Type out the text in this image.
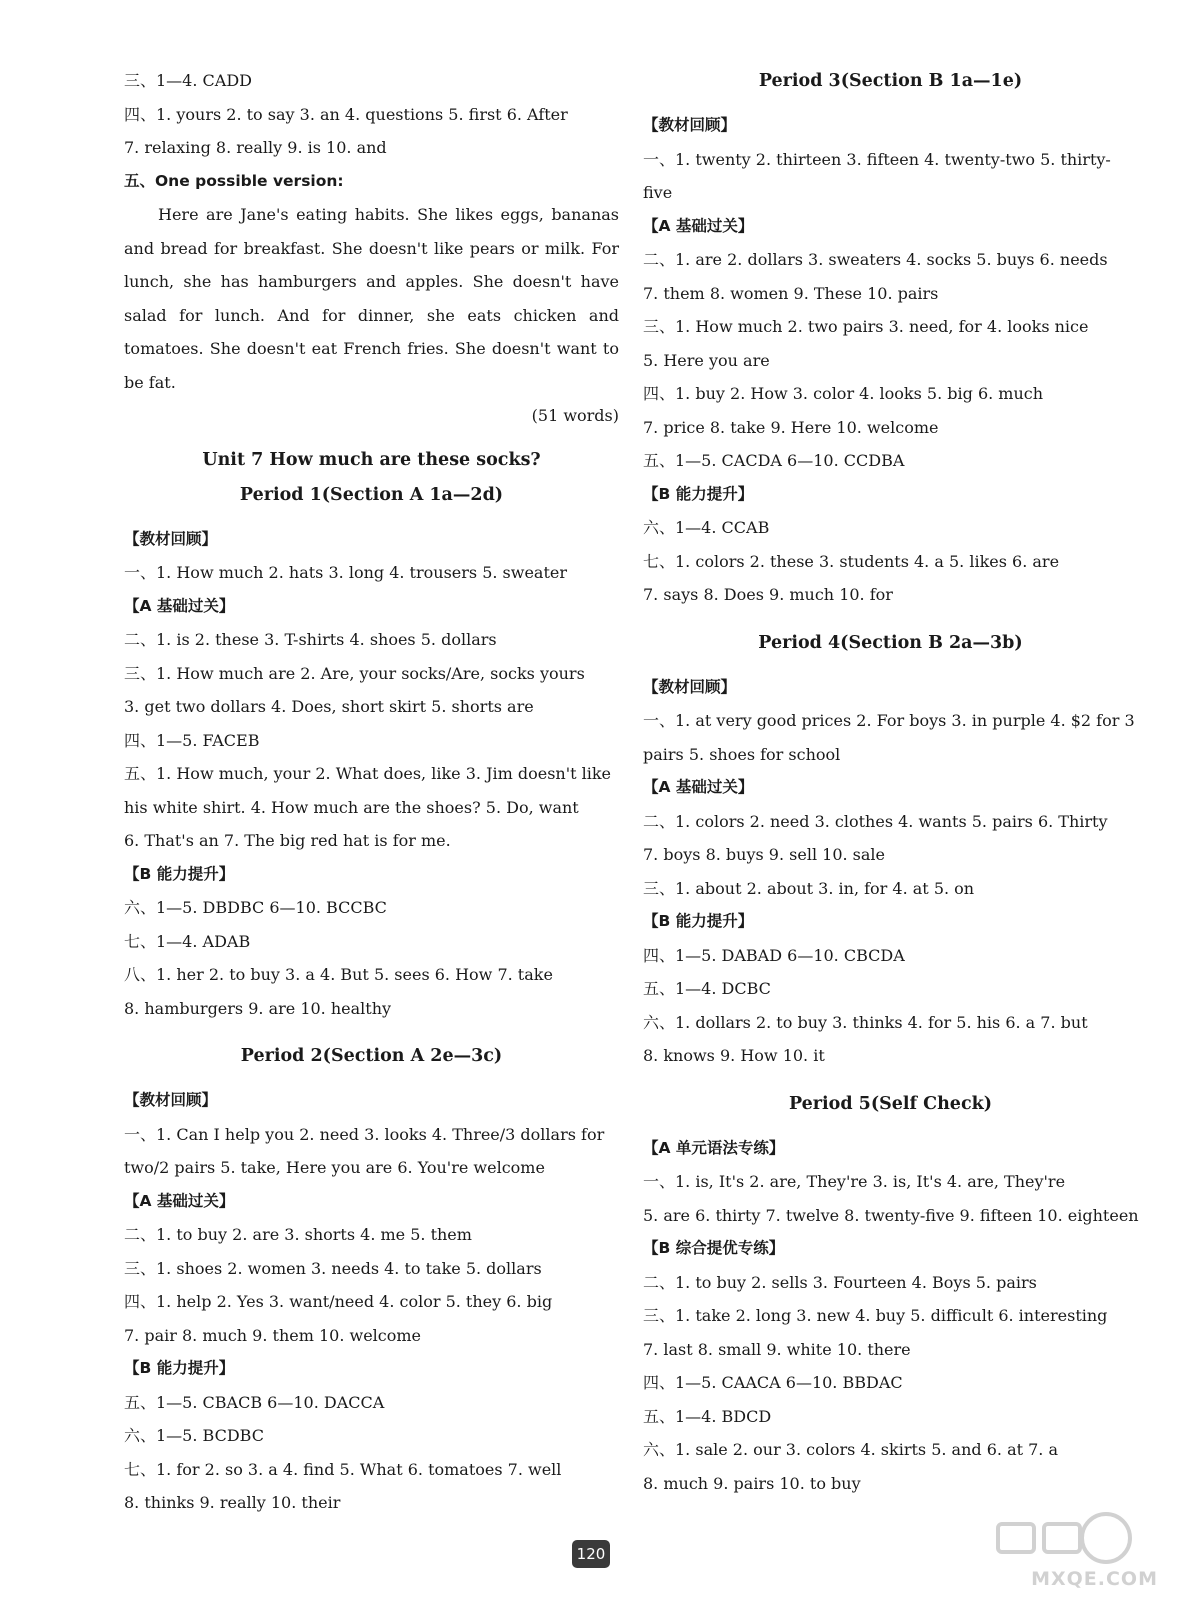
三、1—4. CADD
四、1. yours 2. to say 3. an 4. questions 5. first 6. After
7. relaxing 8. really 9. is 10. and
五、One possible version:
Here are Jane's eating habits. She likes eggs, bananas and bread for breakfast. She doesn't like pears or milk. For lunch, she has hamburgers and apples. She doesn't have salad for lunch. And for dinner, she eats chicken and tomatoes. She doesn't eat French fries. She doesn't want to be fat.
(51 words)
Unit 7 How much are these socks?
Period 1(Section A 1a—2d)
【教材回顾】
一、1. How much 2. hats 3. long 4. trousers 5. sweater
【A 基础过关】
二、1. is 2. these 3. T-shirts 4. shoes 5. dollars
三、1. How much are 2. Are, your socks/Are, socks yours
3. get two dollars 4. Does, short skirt 5. shorts are
四、1—5. FACEB
五、1. How much, your 2. What does, like 3. Jim doesn't like
his white shirt. 4. How much are the shoes? 5. Do, want
6. That's an 7. The big red hat is for me.
【B 能力提升】
六、1—5. DBDBC 6—10. BCCBC
七、1—4. ADAB
八、1. her 2. to buy 3. a 4. But 5. sees 6. How 7. take
8. hamburgers 9. are 10. healthy
Period 2(Section A 2e—3c)
【教材回顾】
一、1. Can I help you 2. need 3. looks 4. Three/3 dollars for
two/2 pairs 5. take, Here you are 6. You're welcome
【A 基础过关】
二、1. to buy 2. are 3. shorts 4. me 5. them
三、1. shoes 2. women 3. needs 4. to take 5. dollars
四、1. help 2. Yes 3. want/need 4. color 5. they 6. big
7. pair 8. much 9. them 10. welcome
【B 能力提升】
五、1—5. CBACB 6—10. DACCA
六、1—5. BCDBC
七、1. for 2. so 3. a 4. find 5. What 6. tomatoes 7. well
8. thinks 9. really 10. their
Period 3(Section B 1a—1e)
【教材回顾】
一、1. twenty 2. thirteen 3. fifteen 4. twenty-two 5. thirty-
five
【A 基础过关】
二、1. are 2. dollars 3. sweaters 4. socks 5. buys 6. needs
7. them 8. women 9. These 10. pairs
三、1. How much 2. two pairs 3. need, for 4. looks nice
5. Here you are
四、1. buy 2. How 3. color 4. looks 5. big 6. much
7. price 8. take 9. Here 10. welcome
五、1—5. CACDA 6—10. CCDBA
【B 能力提升】
六、1—4. CCAB
七、1. colors 2. these 3. students 4. a 5. likes 6. are
7. says 8. Does 9. much 10. for
Period 4(Section B 2a—3b)
【教材回顾】
一、1. at very good prices 2. For boys 3. in purple 4. $2 for 3
pairs 5. shoes for school
【A 基础过关】
二、1. colors 2. need 3. clothes 4. wants 5. pairs 6. Thirty
7. boys 8. buys 9. sell 10. sale
三、1. about 2. about 3. in, for 4. at 5. on
【B 能力提升】
四、1—5. DABAD 6—10. CBCDA
五、1—4. DCBC
六、1. dollars 2. to buy 3. thinks 4. for 5. his 6. a 7. but
8. knows 9. How 10. it
Period 5(Self Check)
【A 单元语法专练】
一、1. is, It's 2. are, They're 3. is, It's 4. are, They're
5. are 6. thirty 7. twelve 8. twenty-five 9. fifteen 10. eighteen
【B 综合提优专练】
二、1. to buy 2. sells 3. Fourteen 4. Boys 5. pairs
三、1. take 2. long 3. new 4. buy 5. difficult 6. interesting
7. last 8. small 9. white 10. there
四、1—5. CAACA 6—10. BBDAC
五、1—4. BDCD
六、1. sale 2. our 3. colors 4. skirts 5. and 6. at 7. a
8. much 9. pairs 10. to buy
120
MXQE.COM
